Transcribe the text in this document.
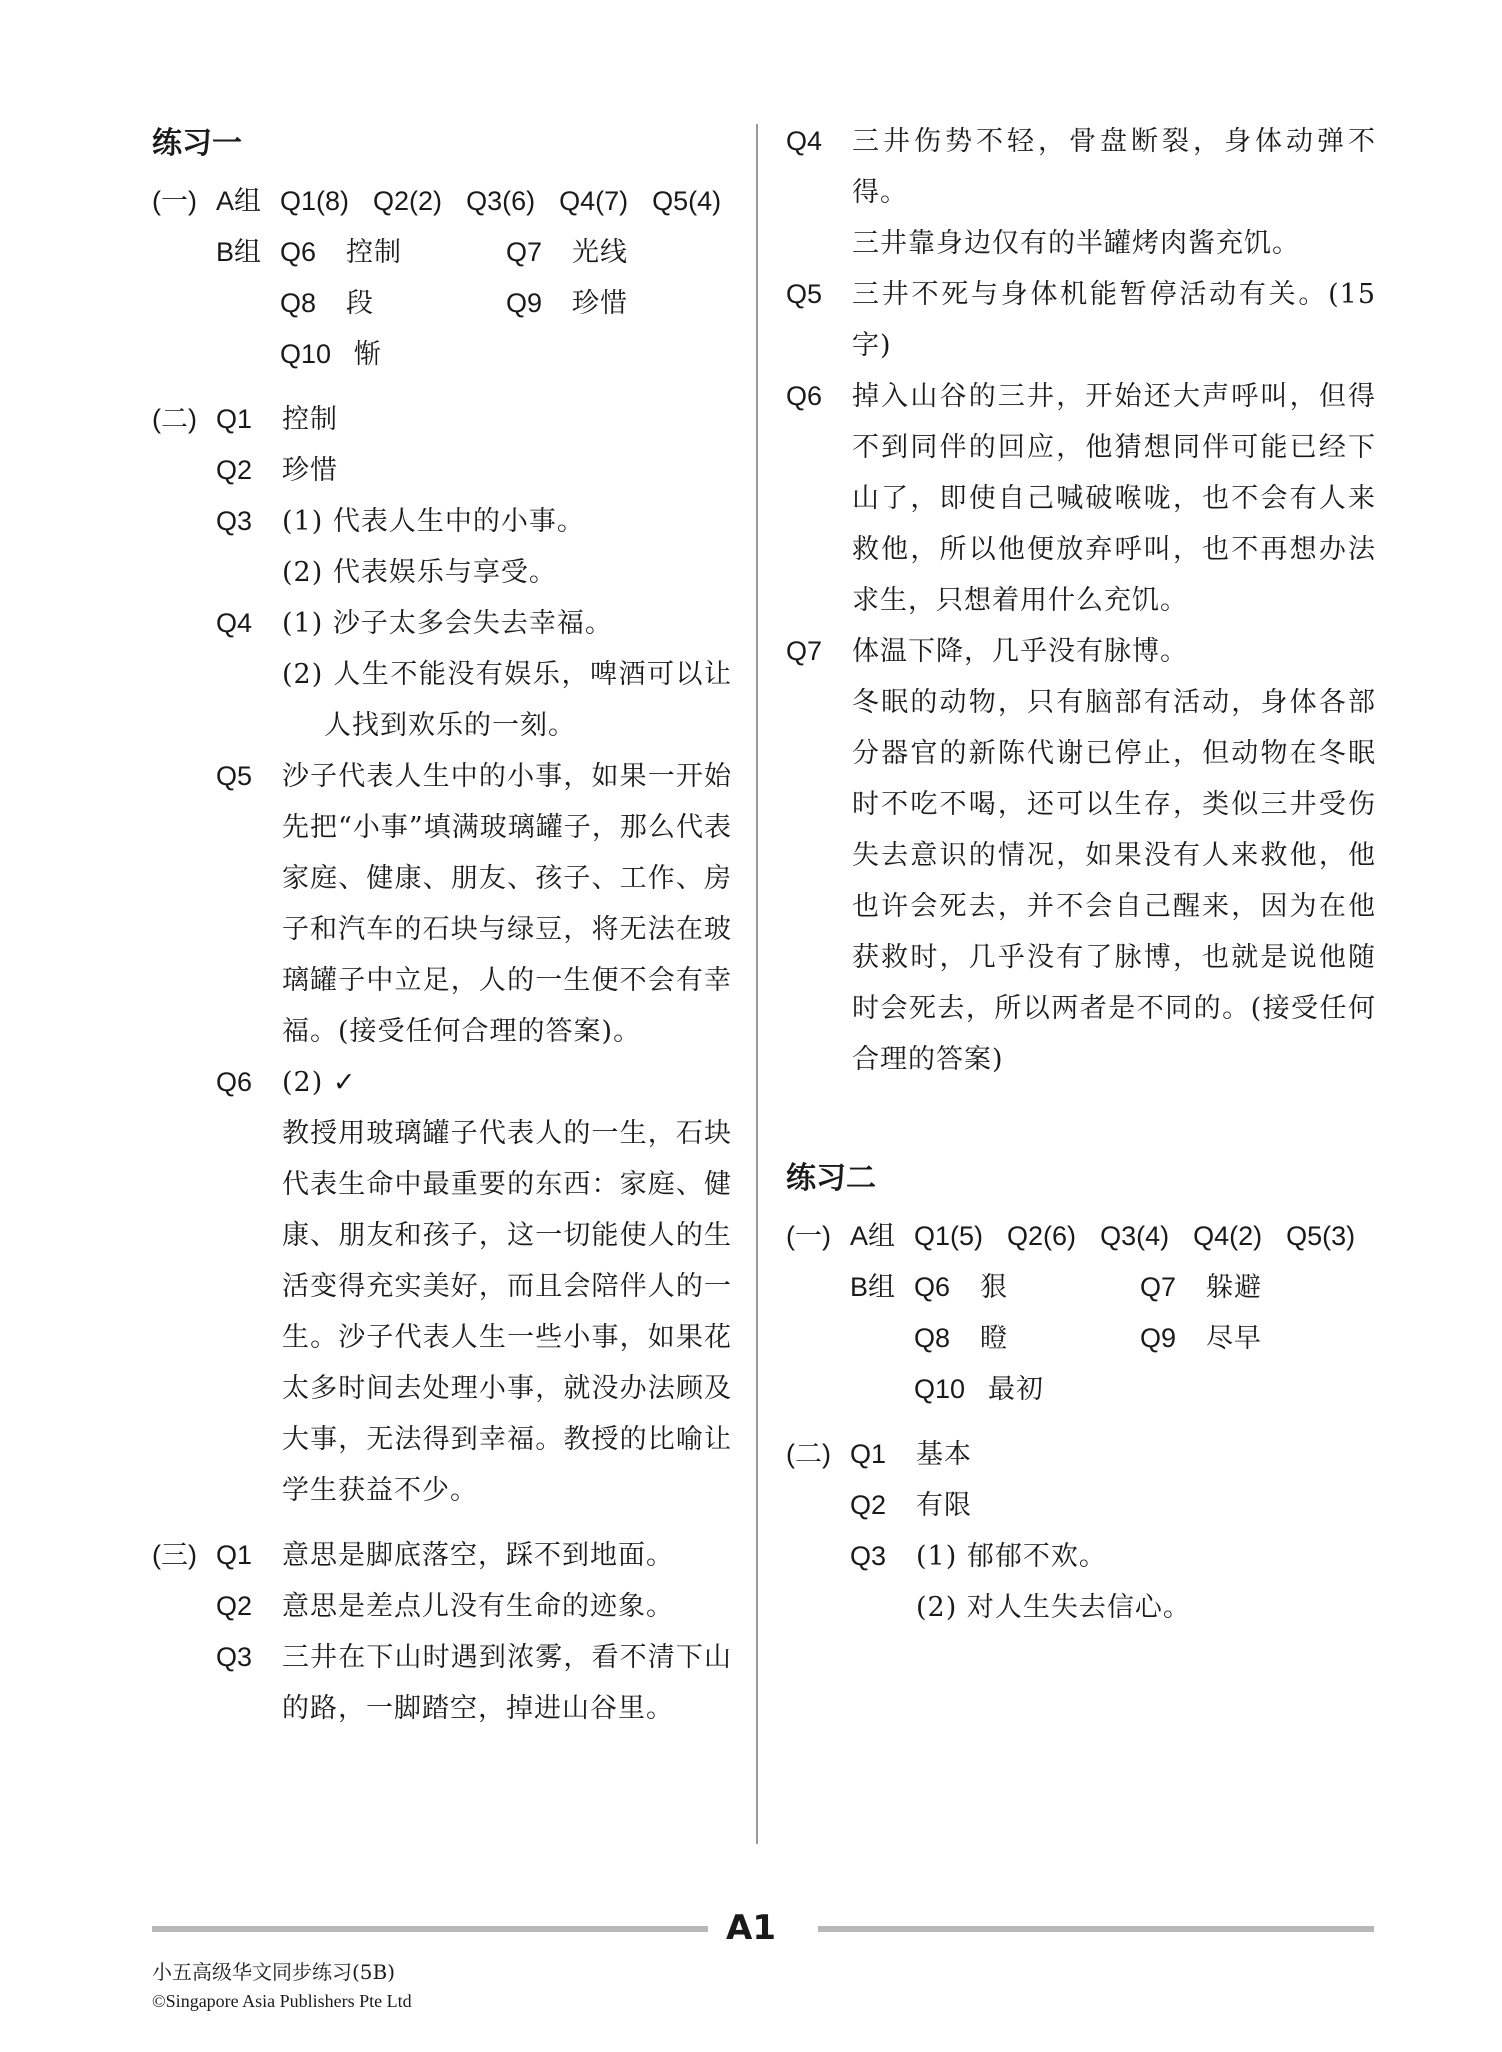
练习一
(一) A组 Q1(8) Q2(2) Q3(6) Q4(7) Q5(4)
B组 Q6	控制	Q7	光线
Q8	段	Q9	珍惜
Q10 惭
(二) Q1	控制
Q2	珍惜
Q3	(1) 代表人生中的小事。
(2) 代表娱乐与享受。
Q4	(1) 沙子太多会失去幸福。
(2) 人生不能没有娱乐，啤酒可以让人找到欢乐的一刻。
Q5	沙子代表人生中的小事，如果一开始先把“小事”填满玻璃罐子，那么代表家庭、健康、朋友、孩子、工作、房子和汽车的石块与绿豆，将无法在玻璃罐子中立足，人的一生便不会有幸福。(接受任何合理的答案)。
Q6	(2) ✓
教授用玻璃罐子代表人的一生，石块代表生命中最重要的东西：家庭、健康、朋友和孩子，这一切能使人的生活变得充实美好，而且会陪伴人的一生。沙子代表人生一些小事，如果花太多时间去处理小事，就没办法顾及大事，无法得到幸福。教授的比喻让学生获益不少。
(三) Q1	意思是脚底落空，踩不到地面。
Q2	意思是差点儿没有生命的迹象。
Q3	三井在下山时遇到浓雾，看不清下山的路，一脚踏空，掉进山谷里。
Q4	三井伤势不轻，骨盘断裂，身体动弹不得。
三井靠身边仅有的半罐烤肉酱充饥。
Q5	三井不死与身体机能暂停活动有关。(15字)
Q6	掉入山谷的三井，开始还大声呼叫，但得不到同伴的回应，他猜想同伴可能已经下山了，即使自己喊破喉咙，也不会有人来救他，所以他便放弃呼叫，也不再想办法求生，只想着用什么充饥。
Q7	体温下降，几乎没有脉博。
冬眠的动物，只有脑部有活动，身体各部分器官的新陈代谢已停止，但动物在冬眠时不吃不喝，还可以生存，类似三井受伤失去意识的情况，如果没有人来救他，他也许会死去，并不会自己醒来，因为在他获救时，几乎没有了脉博，也就是说他随时会死去，所以两者是不同的。(接受任何合理的答案)
练习二
(一) A组 Q1(5) Q2(6) Q3(4) Q4(2) Q5(3)
B组 Q6	狠	Q7	躲避
Q8	瞪	Q9	尽早
Q10 最初
(二) Q1	基本
Q2	有限
Q3	(1) 郁郁不欢。
(2) 对人生失去信心。
A1
小五高级华文同步练习(5B)
©Singapore Asia Publishers Pte Ltd
